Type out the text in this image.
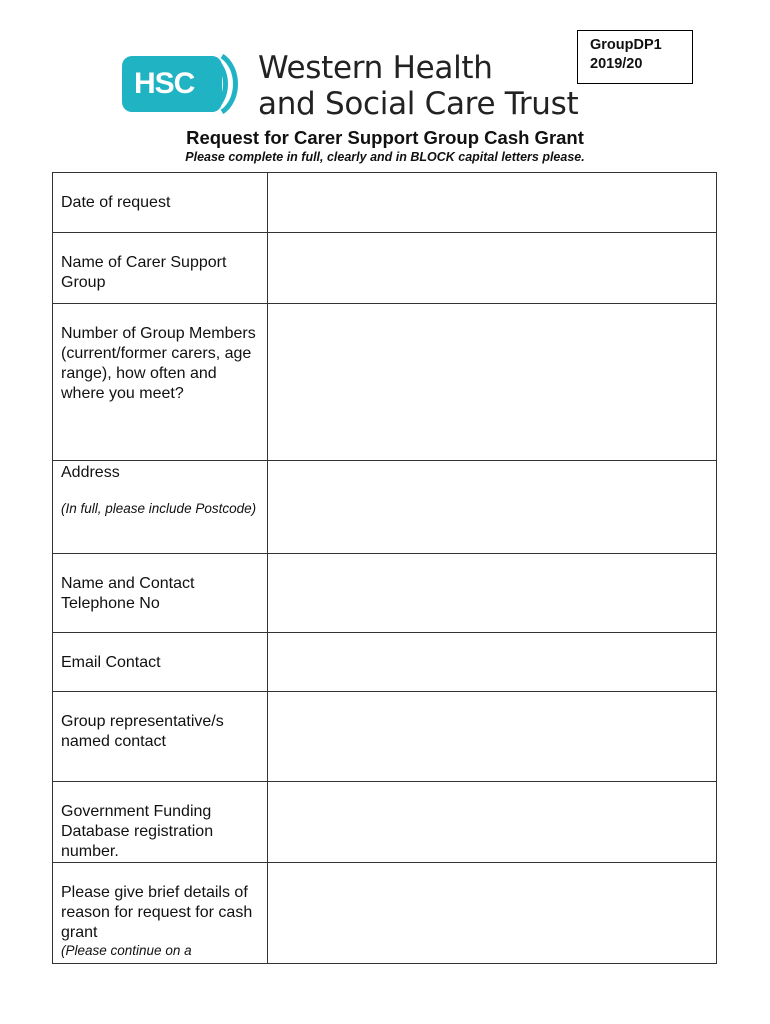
HSC Western Health
and Social Care Trust
GroupDP1
2019/20
Request for Carer Support Group Cash Grant
Please complete in full, clearly and in BLOCK capital letters please.
Date of request	
Name of Carer Support Group	
Number of Group Members (current/former carers, age range), how often and where you meet?	
Address
(In full, please include Postcode)	

Name and Contact Telephone No	
Email Contact	
Group representative/s named contact	
Government Funding Database registration number.	
Please give brief details of reason for request for cash grant
(Please continue on a	
